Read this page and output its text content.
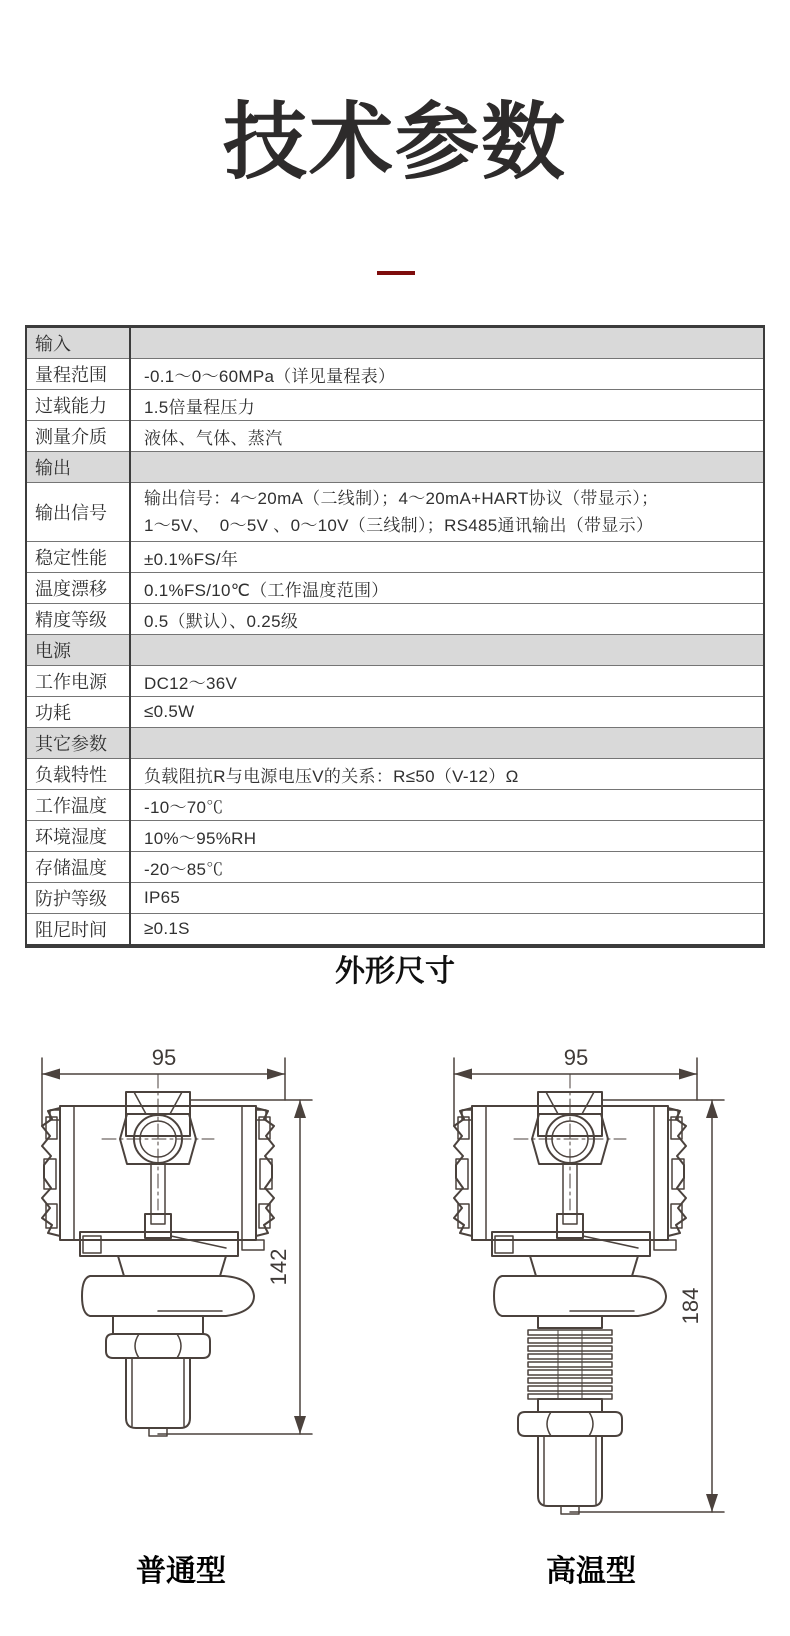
技术参数
输入	
量程范围	-0.1～0～60MPa（详见量程表）
过载能力	1.5倍量程压力
测量介质	液体、气体、蒸汽
输出	
输出信号	输出信号：4～20mA（二线制）；4～20mA+HART协议（带显示）；
1～5V、  0～5V 、0～10V（三线制）；RS485通讯输出（带显示）

稳定性能	±0.1%FS/年
温度漂移	0.1%FS/10℃（工作温度范围）
精度等级	0.5（默认）、0.25级
电源	
工作电源	DC12～36V
功耗	≤0.5W
其它参数	
负载特性	负载阻抗R与电源电压V的关系：R≤50（V-12）Ω
工作温度	-10～70℃
环境湿度	10%～95%RH
存储温度	-20～85℃
防护等级	IP65
阻尼时间	≥0.1S
外形尺寸
95
142
95
184
普通型	高温型
